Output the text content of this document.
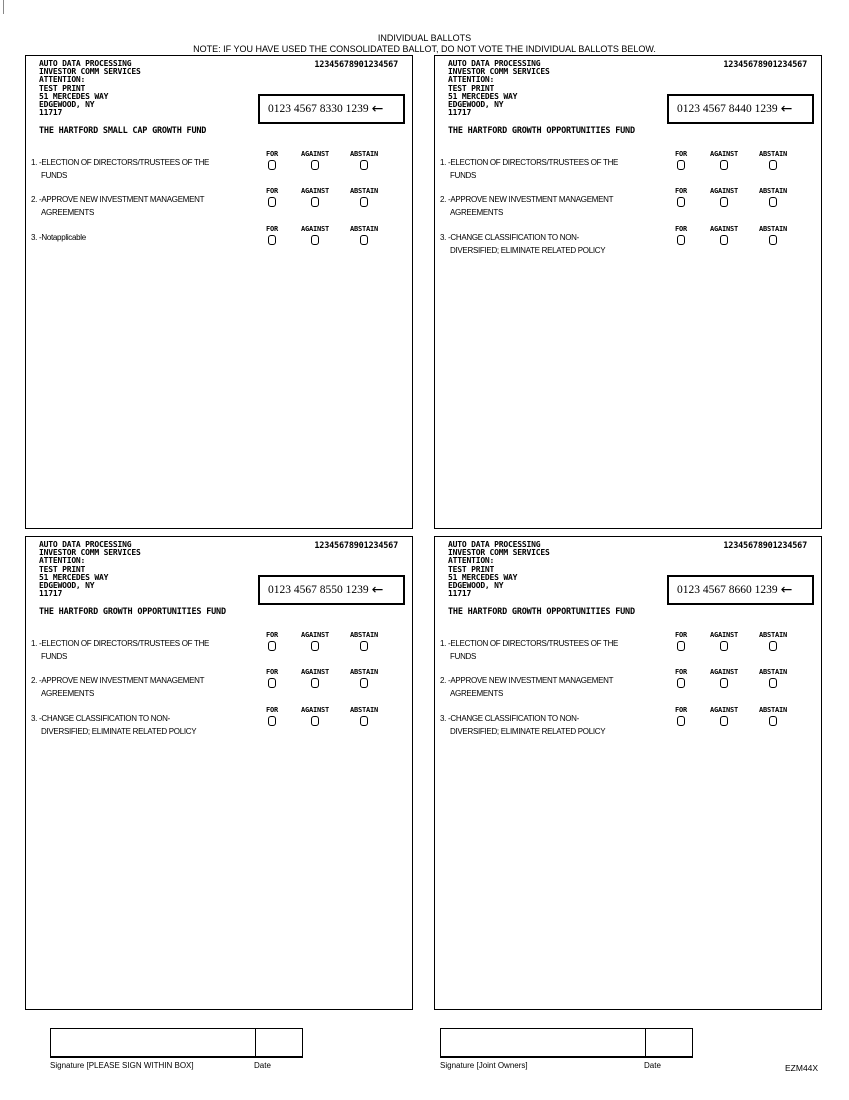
INDIVIDUAL BALLOTS
NOTE: IF YOU HAVE USED THE CONSOLIDATED BALLOT, DO NOT VOTE THE INDIVIDUAL BALLOTS BELOW.
AUTO DATA PROCESSING
INVESTOR COMM SERVICES
ATTENTION:
TEST PRINT
51 MERCEDES WAY
EDGEWOOD, NY
11717
12345678901234567
0123 4567 8330 1239 ←
THE HARTFORD SMALL CAP GROWTH FUND
1. -ELECTION OF DIRECTORS/TRUSTEES OF THE
FUNDS
FOR	AGAINST	ABSTAIN
2. -APPROVE NEW INVESTMENT MANAGEMENT
AGREEMENTS
FOR	AGAINST	ABSTAIN
3. -Notapplicable
FOR	AGAINST	ABSTAIN
AUTO DATA PROCESSING
INVESTOR COMM SERVICES
ATTENTION:
TEST PRINT
51 MERCEDES WAY
EDGEWOOD, NY
11717
12345678901234567
0123 4567 8440 1239 ←
THE HARTFORD GROWTH OPPORTUNITIES FUND
1. -ELECTION OF DIRECTORS/TRUSTEES OF THE
FUNDS
FOR	AGAINST	ABSTAIN
2. -APPROVE NEW INVESTMENT MANAGEMENT
AGREEMENTS
FOR	AGAINST	ABSTAIN
3. -CHANGE CLASSIFICATION TO NON-
DIVERSIFIED; ELIMINATE RELATED POLICY
FOR	AGAINST	ABSTAIN
AUTO DATA PROCESSING
INVESTOR COMM SERVICES
ATTENTION:
TEST PRINT
51 MERCEDES WAY
EDGEWOOD, NY
11717
12345678901234567
0123 4567 8550 1239 ←
THE HARTFORD GROWTH OPPORTUNITIES FUND
1. -ELECTION OF DIRECTORS/TRUSTEES OF THE
FUNDS
FOR	AGAINST	ABSTAIN
2. -APPROVE NEW INVESTMENT MANAGEMENT
AGREEMENTS
FOR	AGAINST	ABSTAIN
3. -CHANGE CLASSIFICATION TO NON-
DIVERSIFIED; ELIMINATE RELATED POLICY
FOR	AGAINST	ABSTAIN
AUTO DATA PROCESSING
INVESTOR COMM SERVICES
ATTENTION:
TEST PRINT
51 MERCEDES WAY
EDGEWOOD, NY
11717
12345678901234567
0123 4567 8660 1239 ←
THE HARTFORD GROWTH OPPORTUNITIES FUND
1. -ELECTION OF DIRECTORS/TRUSTEES OF THE
FUNDS
FOR	AGAINST	ABSTAIN
2. -APPROVE NEW INVESTMENT MANAGEMENT
AGREEMENTS
FOR	AGAINST	ABSTAIN
3. -CHANGE CLASSIFICATION TO NON-
DIVERSIFIED; ELIMINATE RELATED POLICY
FOR	AGAINST	ABSTAIN
Signature [PLEASE SIGN WITHIN BOX]	Date	Signature [Joint Owners]	Date	EZM44X
